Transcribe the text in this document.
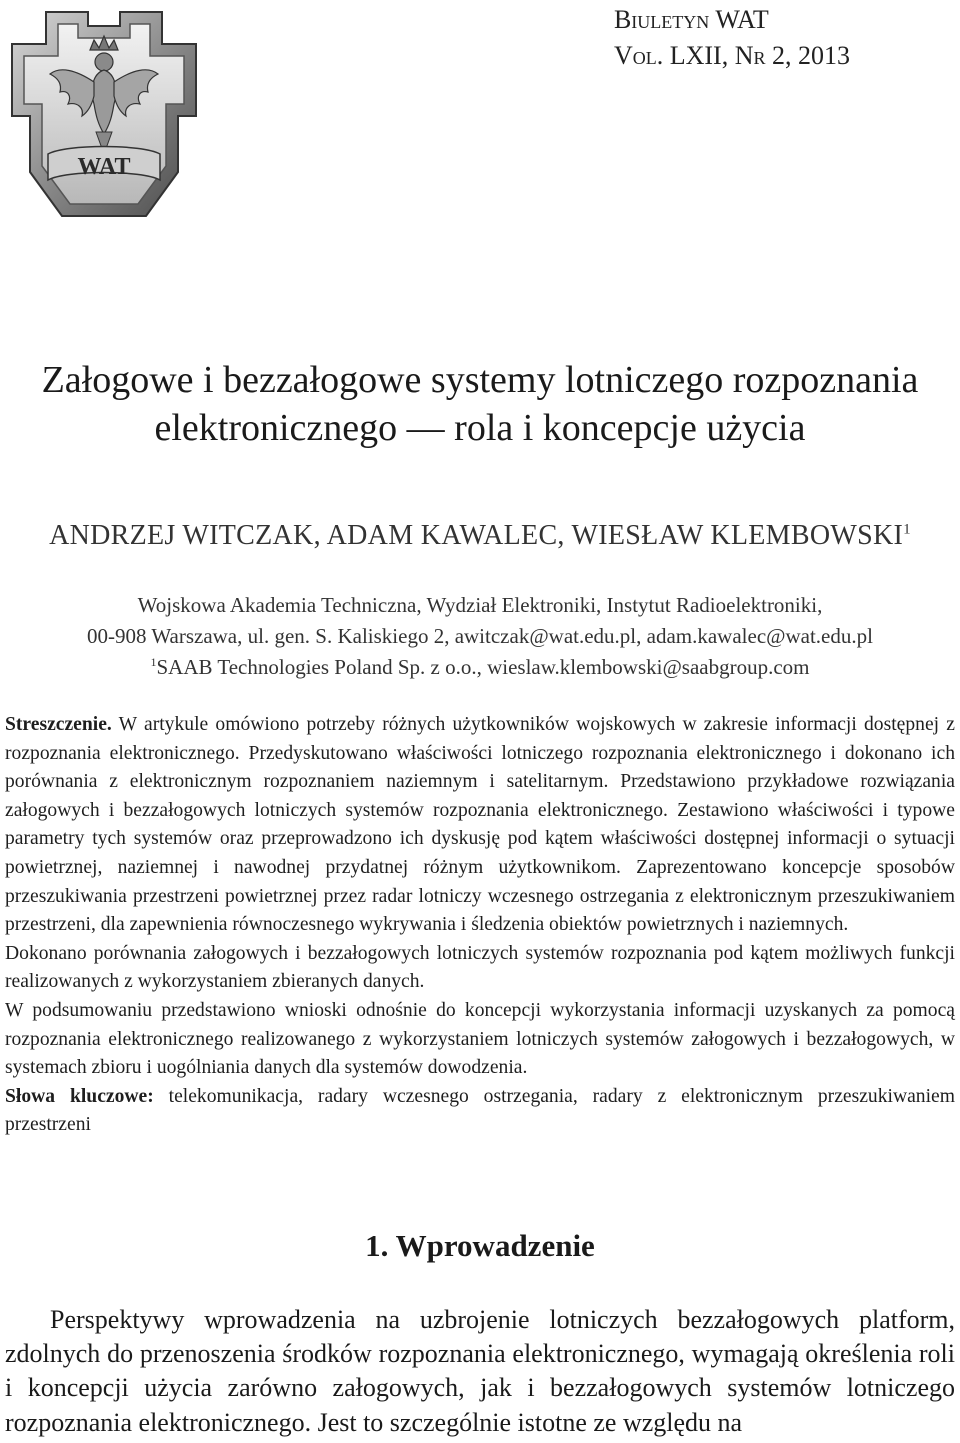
Biuletyn WAT
Vol. LXII, Nr 2, 2013
WAT
Załogowe i bezzałogowe systemy lotniczego rozpoznania elektronicznego — rola i koncepcje użycia
ANDRZEJ WITCZAK, ADAM KAWALEC, WIESŁAW KLEMBOWSKI$^1$
Wojskowa Akademia Techniczna, Wydział Elektroniki, Instytut Radioelektroniki,
00-908 Warszawa, ul. gen. S. Kaliskiego 2, awitczak@wat.edu.pl, adam.kawalec@wat.edu.pl
$^1$SAAB Technologies Poland Sp. z o.o., wieslaw.klembowski@saabgroup.com

Streszczenie. W artykule omówiono potrzeby różnych użytkowników wojskowych w zakresie informacji dostępnej z rozpoznania elektronicznego. Przedyskutowano właściwości lotniczego rozpoznania elektronicznego i dokonano ich porównania z elektronicznym rozpoznaniem naziemnym i satelitarnym. Przedstawiono przykładowe rozwiązania załogowych i bezzałogowych lotniczych systemów rozpoznania elektronicznego. Zestawiono właściwości i typowe parametry tych systemów oraz przeprowadzono ich dyskusję pod kątem właściwości dostępnej informacji o sytuacji powietrznej, naziemnej i nawodnej przydatnej różnym użytkownikom. Zaprezentowano koncepcje sposobów przeszukiwania przestrzeni powietrznej przez radar lotniczy wczesnego ostrzegania z elektronicznym przeszukiwaniem przestrzeni, dla zapewnienia równoczesnego wykrywania i śledzenia obiektów powietrznych i naziemnych.

Dokonano porównania załogowych i bezzałogowych lotniczych systemów rozpoznania pod kątem możliwych funkcji realizowanych z wykorzystaniem zbieranych danych.

W podsumowaniu przedstawiono wnioski odnośnie do koncepcji wykorzystania informacji uzyskanych za pomocą rozpoznania elektronicznego realizowanego z wykorzystaniem lotniczych systemów załogowych i bezzałogowych, w systemach zbioru i uogólniania danych dla systemów dowodzenia.

Słowa kluczowe: telekomunikacja, radary wczesnego ostrzegania, radary z elektronicznym przeszukiwaniem przestrzeni

1. Wprowadzenie

Perspektywy wprowadzenia na uzbrojenie lotniczych bezzałogowych platform, zdolnych do przenoszenia środków rozpoznania elektronicznego, wymagają określenia roli i koncepcji użycia zarówno załogowych, jak i bezzałogowych systemów lotniczego rozpoznania elektronicznego. Jest to szczególnie istotne ze względu na
